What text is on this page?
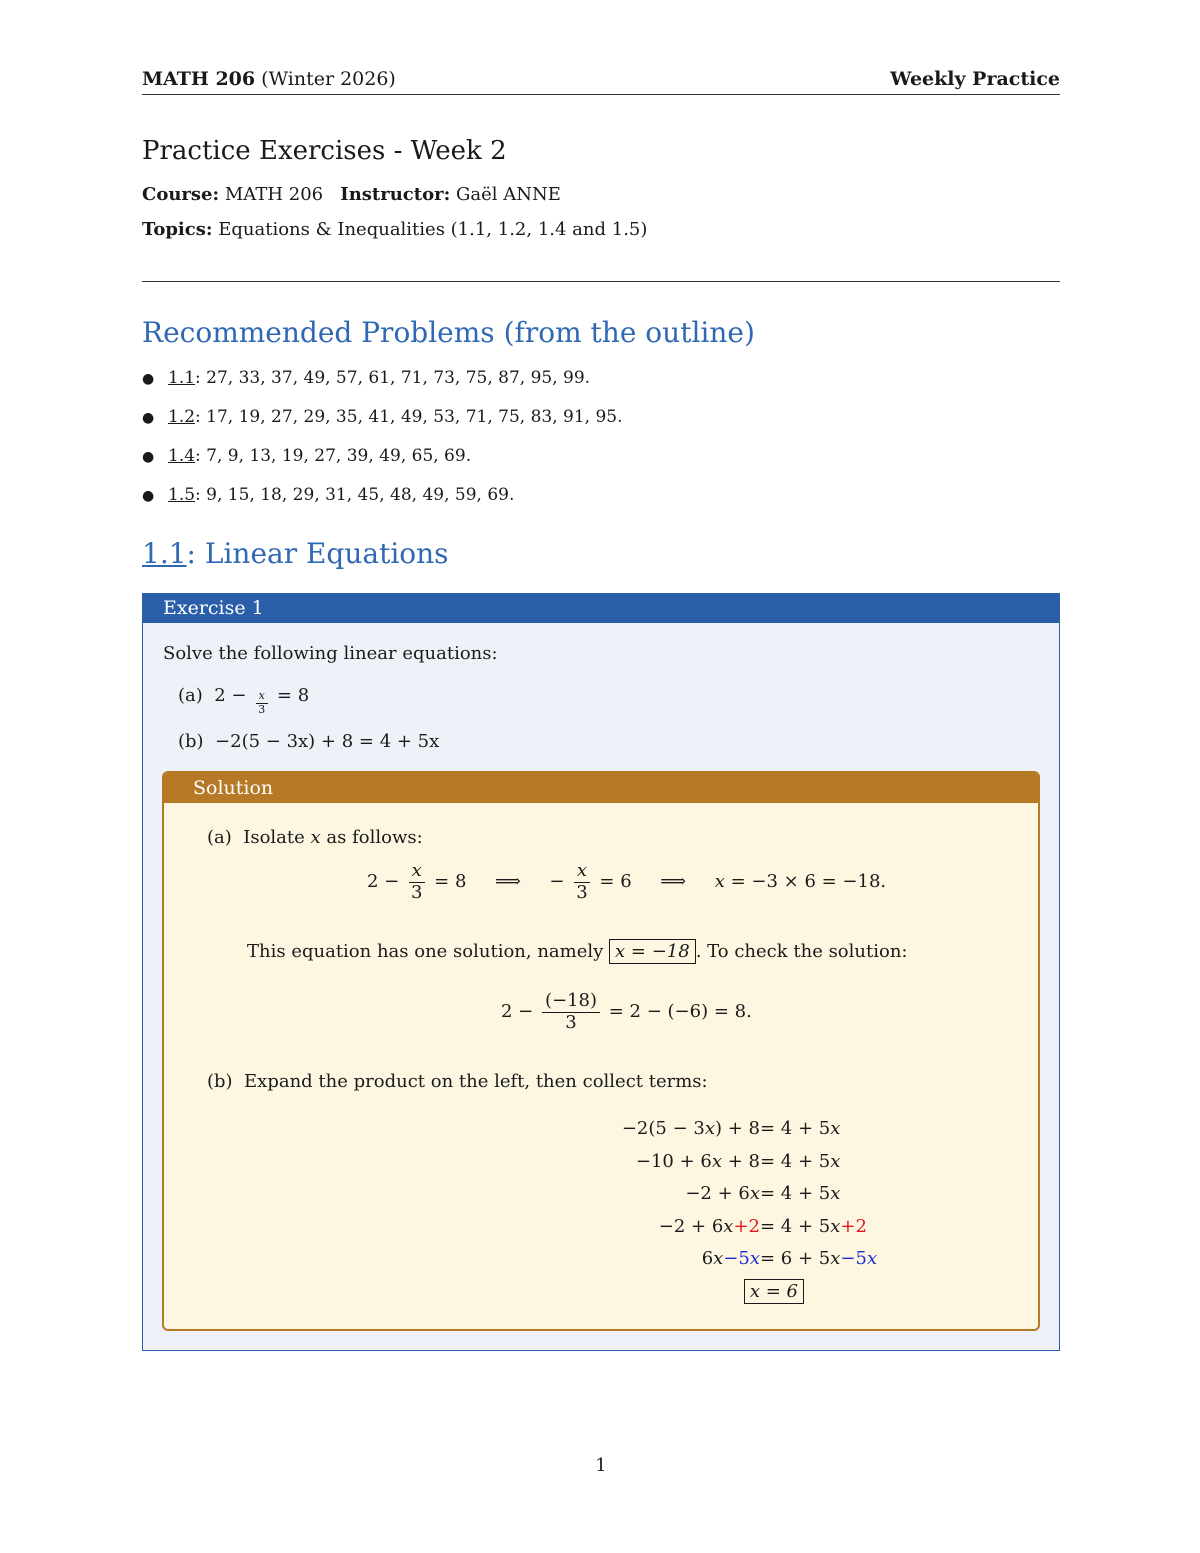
MATH 206 (Winter 2026)	Weekly Practice
Practice Exercises - Week 2
Course: MATH 206 Instructor: Gaël ANNE
Topics: Equations & Inequalities (1.1, 1.2, 1.4 and 1.5)
Recommended Problems (from the outline)
● 1.1: 27, 33, 37, 49, 57, 61, 71, 73, 75, 87, 95, 99.
● 1.2: 17, 19, 27, 29, 35, 41, 49, 53, 71, 75, 83, 91, 95.
● 1.4: 7, 9, 13, 19, 27, 39, 49, 65, 69.
● 1.5: 9, 15, 18, 29, 31, 45, 48, 49, 59, 69.
1.1: Linear Equations
Exercise 1
Solve the following linear equations:
(a)  $2 - \frac{x}{3} = 8$
(b) −2(5 − 3x) + 8 = 4 + 5x
Solution
(a) Isolate x as follows:
$2 - \frac{x}{3} = 8$     ⟹     − $\frac{x}{3} = 6$     ⟹     x = −3 × 6 = −18.
This equation has one solution, namely x = −18 . To check the solution:
$2 - \frac{(-18)}{3} = 2 - (-6) = 8$.
(b) Expand the product on the left, then collect terms:
−2(5 − 3x) + 8 = 4 + 5x
−10 + 6x + 8 = 4 + 5x
−2 + 6x = 4 + 5x
−2 + 6x+2 = 4 + 5x+2
6x−5x = 6 + 5x−5x
x = 6
1
